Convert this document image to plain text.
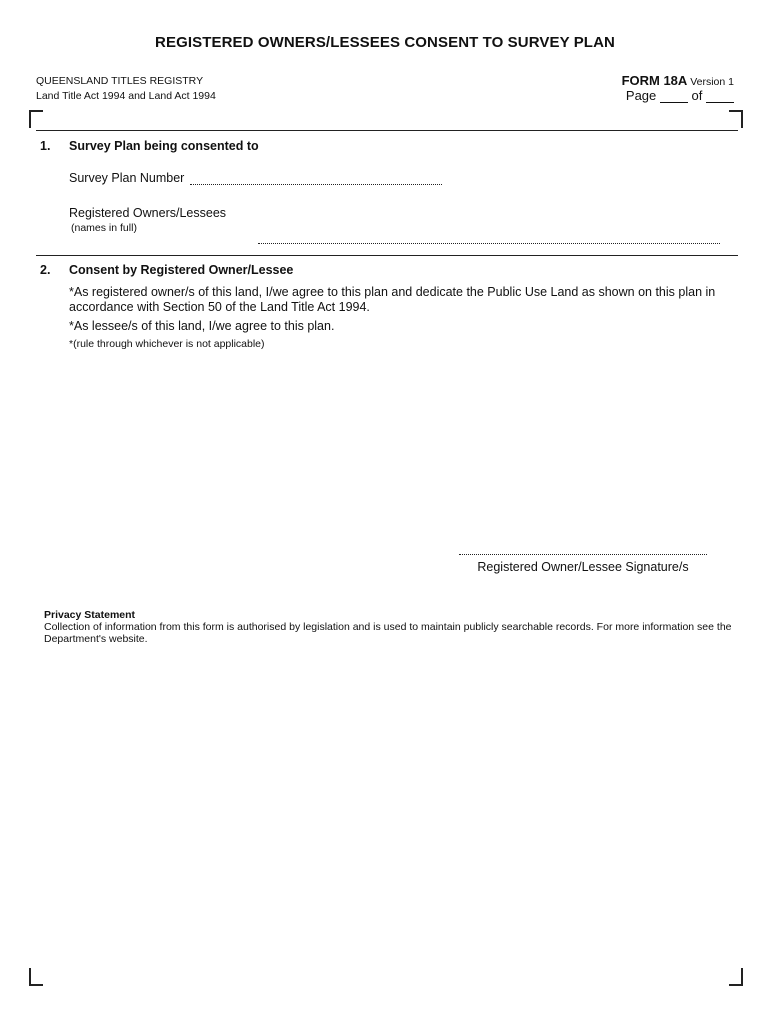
REGISTERED OWNERS/LESSEES CONSENT TO SURVEY PLAN
QUEENSLAND TITLES REGISTRY
Land Title Act 1994 and Land Act 1994
FORM 18A Version 1
Page	of
1. Survey Plan being consented to
Survey Plan Number
Registered Owners/Lessees
(names in full)
2. Consent by Registered Owner/Lessee
*As registered owner/s of this land, I/we agree to this plan and dedicate the Public Use Land as shown on this plan in accordance with Section 50 of the Land Title Act 1994.
*As lessee/s of this land, I/we agree to this plan.
*(rule through whichever is not applicable)
Registered Owner/Lessee Signature/s
Privacy Statement
Collection of information from this form is authorised by legislation and is used to maintain publicly searchable records. For more information see the Department's website.
